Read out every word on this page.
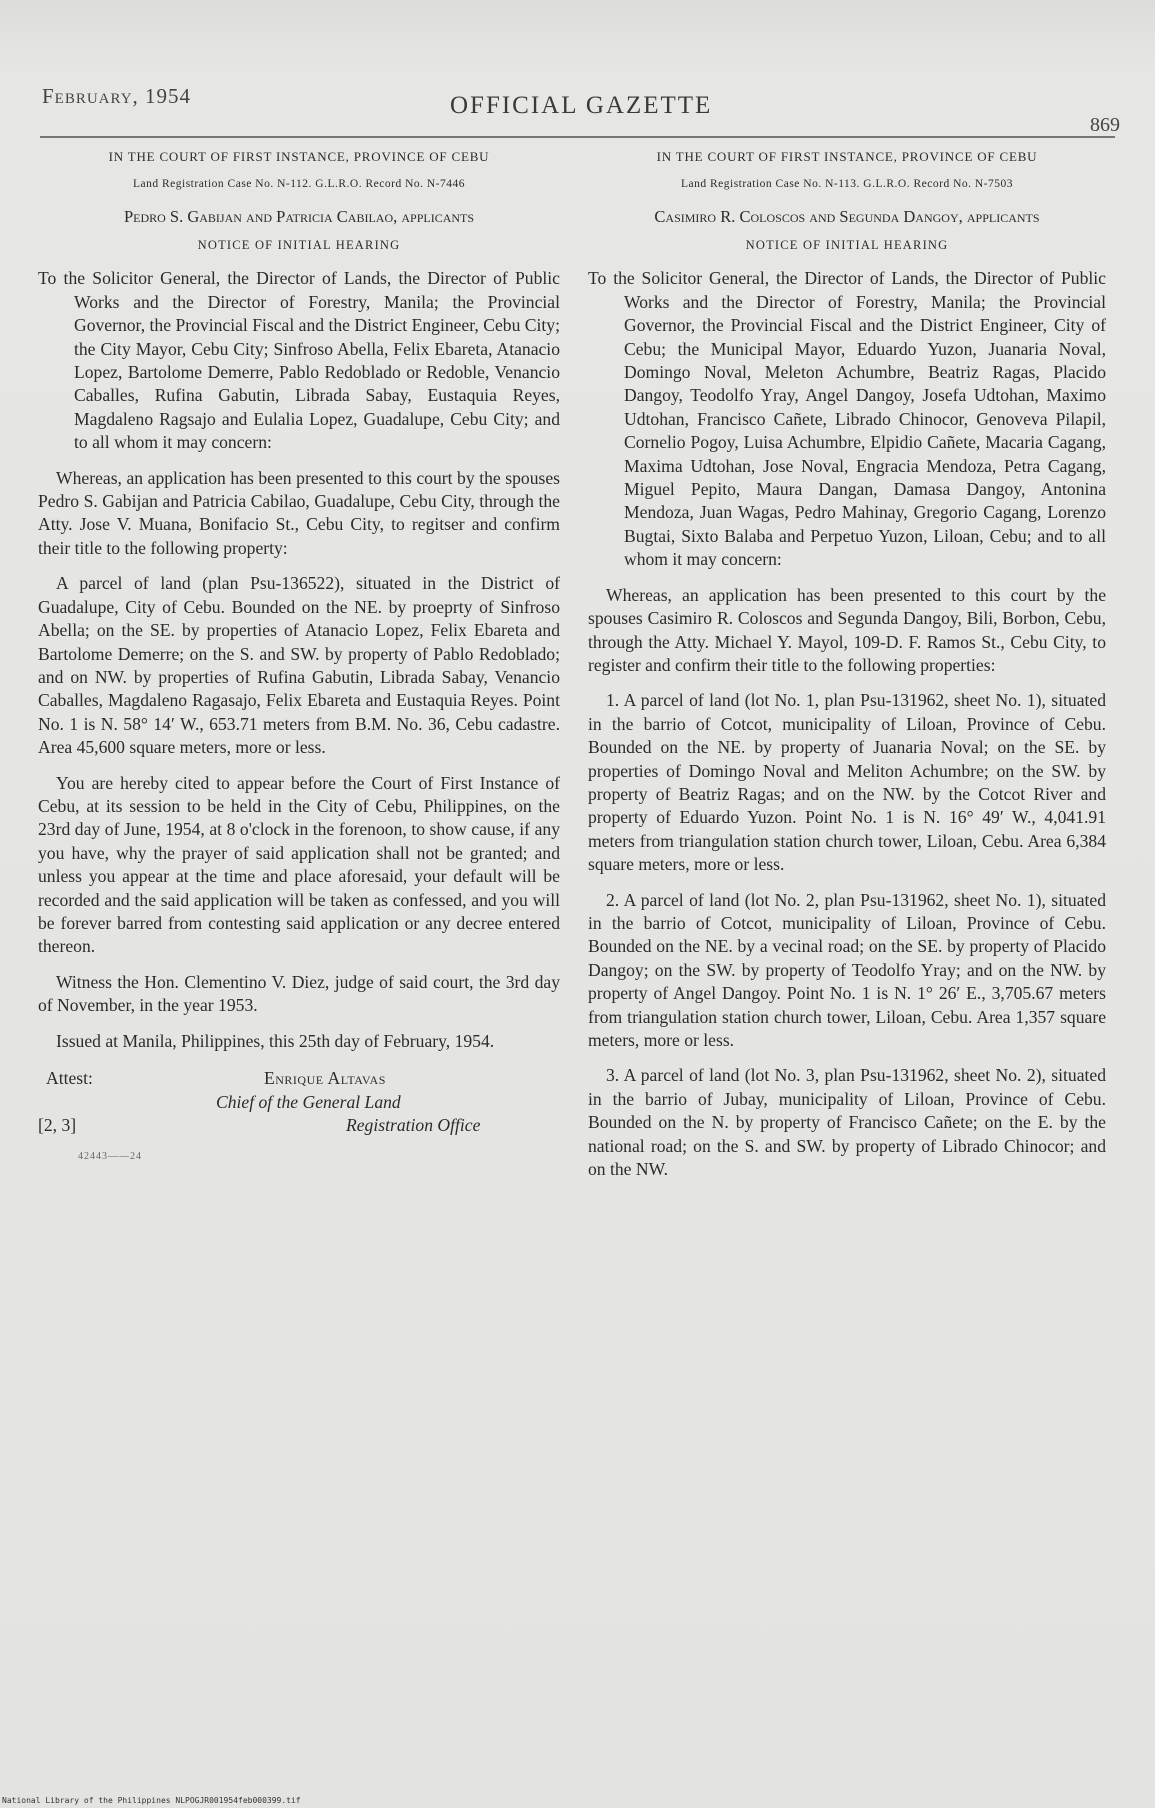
February, 1954	OFFICIAL GAZETTE
869
IN THE COURT OF FIRST INSTANCE, PROVINCE OF CEBU
Land Registration Case No. N-112. G.L.R.O. Record No. N-7446
Pedro S. Gabijan and Patricia Cabilao, applicants
NOTICE OF INITIAL HEARING
To the Solicitor General, the Director of Lands, the Director of Public Works and the Director of Forestry, Manila; the Provincial Governor, the Provincial Fiscal and the District Engineer, Cebu City; the City Mayor, Cebu City; Sinfroso Abella, Felix Ebareta, Atanacio Lopez, Bartolome Demerre, Pablo Redoblado or Redoble, Venancio Caballes, Rufina Gabutin, Librada Sabay, Eustaquia Reyes, Magdaleno Ragsajo and Eulalia Lopez, Guadalupe, Cebu City; and to all whom it may concern:

Whereas, an application has been presented to this court by the spouses Pedro S. Gabijan and Patricia Cabilao, Guadalupe, Cebu City, through the Atty. Jose V. Muana, Bonifacio St., Cebu City, to regitser and confirm their title to the following property:

A parcel of land (plan Psu-136522), situated in the District of Guadalupe, City of Cebu. Bounded on the NE. by proeprty of Sinfroso Abella; on the SE. by properties of Atanacio Lopez, Felix Ebareta and Bartolome Demerre; on the S. and SW. by property of Pablo Redoblado; and on NW. by properties of Rufina Gabutin, Librada Sabay, Venancio Caballes, Magdaleno Ragasajo, Felix Ebareta and Eustaquia Reyes. Point No. 1 is N. 58° 14′ W., 653.71 meters from B.M. No. 36, Cebu cadastre. Area 45,600 square meters, more or less.

You are hereby cited to appear before the Court of First Instance of Cebu, at its session to be held in the City of Cebu, Philippines, on the 23rd day of June, 1954, at 8 o'clock in the forenoon, to show cause, if any you have, why the prayer of said application shall not be granted; and unless you appear at the time and place aforesaid, your default will be recorded and the said application will be taken as confessed, and you will be forever barred from contesting said application or any decree entered thereon.

Witness the Hon. Clementino V. Diez, judge of said court, the 3rd day of November, in the year 1953.

Issued at Manila, Philippines, this 25th day of February, 1954.

Attest:	Enrique Altavas
Chief of the General Land
[2, 3]	Registration Office
42443——24
IN THE COURT OF FIRST INSTANCE, PROVINCE OF CEBU
Land Registration Case No. N-113. G.L.R.O. Record No. N-7503
Casimiro R. Coloscos and Segunda Dangoy, applicants
NOTICE OF INITIAL HEARING
To the Solicitor General, the Director of Lands, the Director of Public Works and the Director of Forestry, Manila; the Provincial Governor, the Provincial Fiscal and the District Engineer, City of Cebu; the Municipal Mayor, Eduardo Yuzon, Juanaria Noval, Domingo Noval, Meleton Achumbre, Beatriz Ragas, Placido Dangoy, Teodolfo Yray, Angel Dangoy, Josefa Udtohan, Maximo Udtohan, Francisco Cañete, Librado Chinocor, Genoveva Pilapil, Cornelio Pogoy, Luisa Achumbre, Elpidio Cañete, Macaria Cagang, Maxima Udtohan, Jose Noval, Engracia Mendoza, Petra Cagang, Miguel Pepito, Maura Dangan, Damasa Dangoy, Antonina Mendoza, Juan Wagas, Pedro Mahinay, Gregorio Cagang, Lorenzo Bugtai, Sixto Balaba and Perpetuo Yuzon, Liloan, Cebu; and to all whom it may concern:

Whereas, an application has been presented to this court by the spouses Casimiro R. Coloscos and Segunda Dangoy, Bili, Borbon, Cebu, through the Atty. Michael Y. Mayol, 109-D. F. Ramos St., Cebu City, to register and confirm their title to the following properties:

1. A parcel of land (lot No. 1, plan Psu-131962, sheet No. 1), situated in the barrio of Cotcot, municipality of Liloan, Province of Cebu. Bounded on the NE. by property of Juanaria Noval; on the SE. by properties of Domingo Noval and Meliton Achumbre; on the SW. by property of Beatriz Ragas; and on the NW. by the Cotcot River and property of Eduardo Yuzon. Point No. 1 is N. 16° 49′ W., 4,041.91 meters from triangulation station church tower, Liloan, Cebu. Area 6,384 square meters, more or less.

2. A parcel of land (lot No. 2, plan Psu-131962, sheet No. 1), situated in the barrio of Cotcot, municipality of Liloan, Province of Cebu. Bounded on the NE. by a vecinal road; on the SE. by property of Placido Dangoy; on the SW. by property of Teodolfo Yray; and on the NW. by property of Angel Dangoy. Point No. 1 is N. 1° 26′ E., 3,705.67 meters from triangulation station church tower, Liloan, Cebu. Area 1,357 square meters, more or less.

3. A parcel of land (lot No. 3, plan Psu-131962, sheet No. 2), situated in the barrio of Jubay, municipality of Liloan, Province of Cebu. Bounded on the N. by property of Francisco Cañete; on the E. by the national road; on the S. and SW. by property of Librado Chinocor; and on the NW.

National Library of the Philippines NLPOGJR001954feb000399.tif
